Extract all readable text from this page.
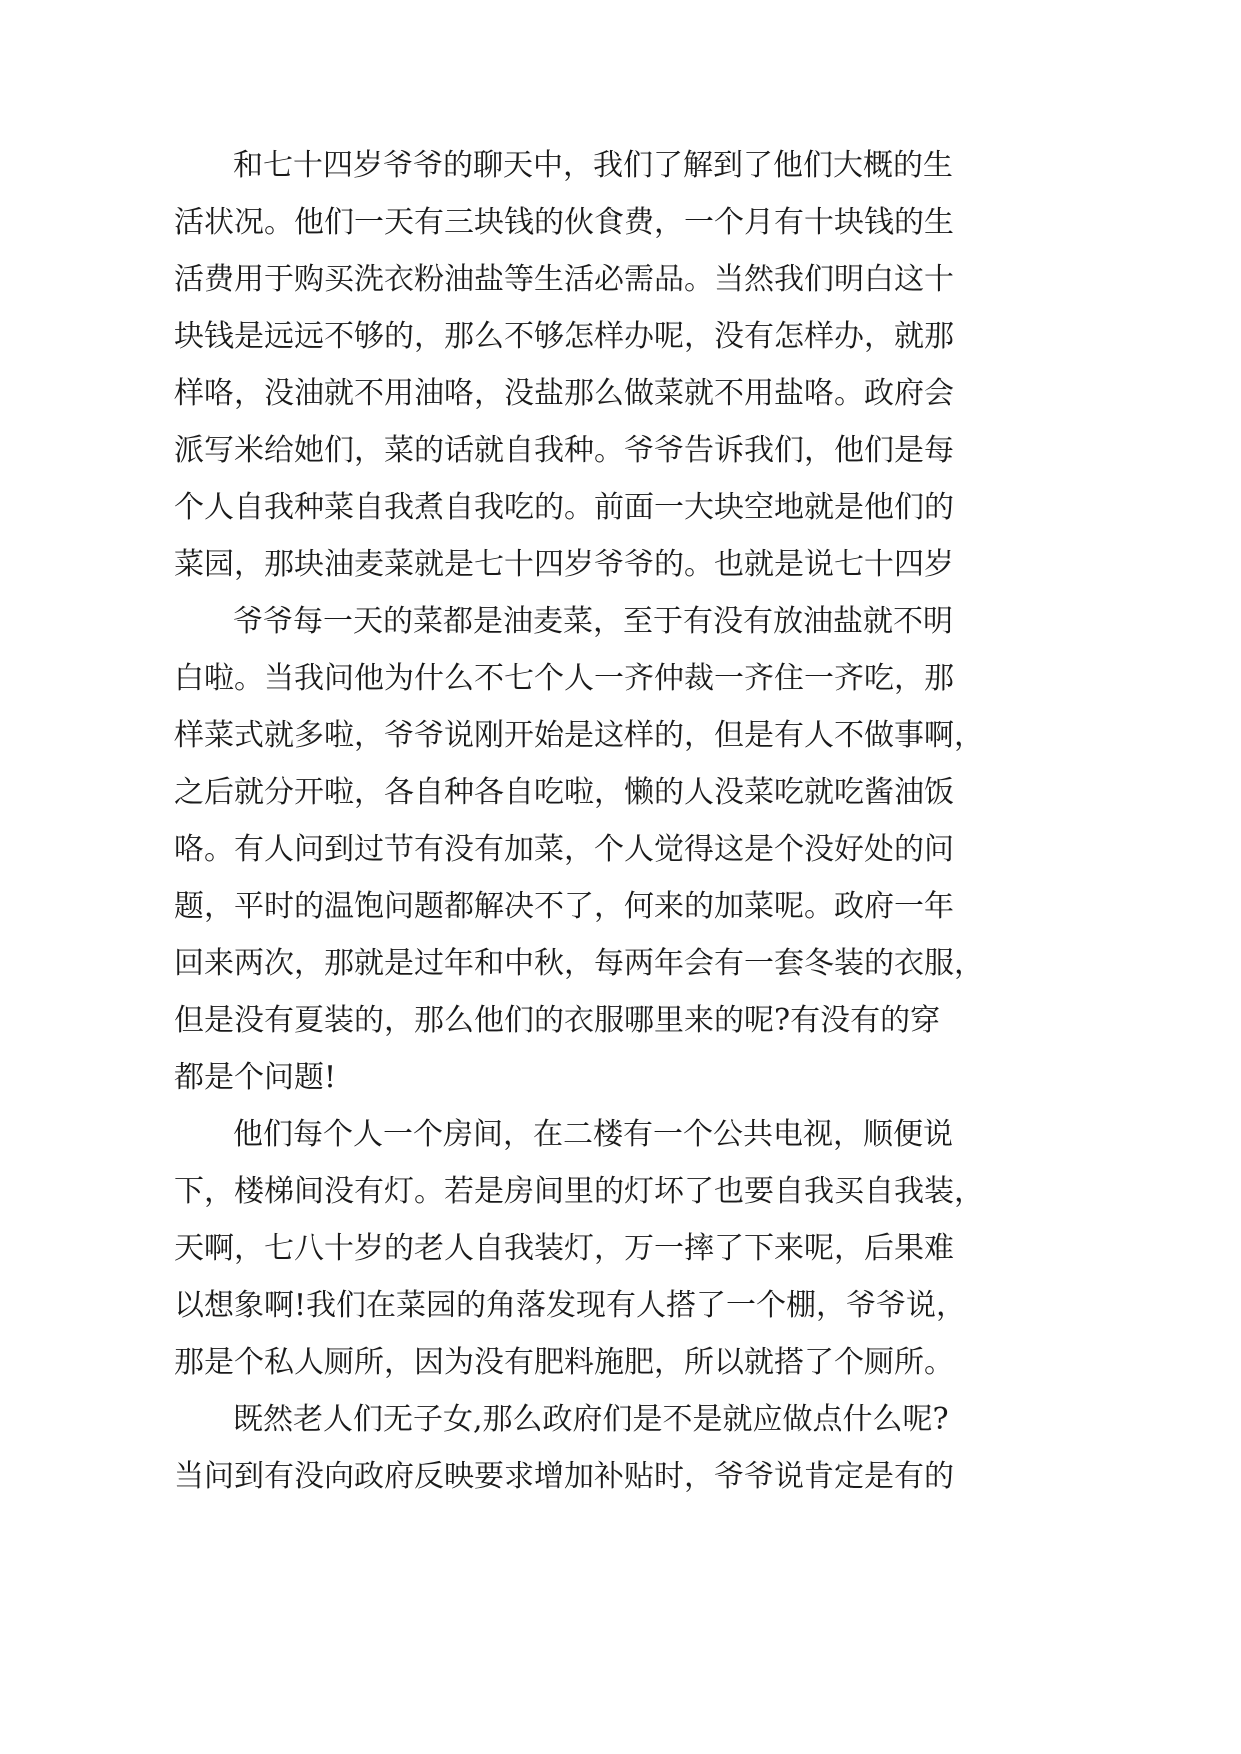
和七十四岁爷爷的聊天中，我们了解到了他们大概的生
活状况。他们一天有三块钱的伙食费，一个月有十块钱的生
活费用于购买洗衣粉油盐等生活必需品。当然我们明白这十
块钱是远远不够的，那么不够怎样办呢，没有怎样办，就那
样咯，没油就不用油咯，没盐那么做菜就不用盐咯。政府会
派写米给她们，菜的话就自我种。爷爷告诉我们，他们是每
个人自我种菜自我煮自我吃的。前面一大块空地就是他们的
菜园，那块油麦菜就是七十四岁爷爷的。也就是说七十四岁
爷爷每一天的菜都是油麦菜，至于有没有放油盐就不明
白啦。当我问他为什么不七个人一齐仲裁一齐住一齐吃，那
样菜式就多啦，爷爷说刚开始是这样的，但是有人不做事啊，
之后就分开啦，各自种各自吃啦，懒的人没菜吃就吃酱油饭
咯。有人问到过节有没有加菜，个人觉得这是个没好处的问
题，平时的温饱问题都解决不了，何来的加菜呢。政府一年
回来两次，那就是过年和中秋，每两年会有一套冬装的衣服，
但是没有夏装的，那么他们的衣服哪里来的呢?有没有的穿
都是个问题!
他们每个人一个房间，在二楼有一个公共电视，顺便说
下，楼梯间没有灯。若是房间里的灯坏了也要自我买自我装，
天啊，七八十岁的老人自我装灯，万一摔了下来呢，后果难
以想象啊!我们在菜园的角落发现有人搭了一个棚，爷爷说，
那是个私人厕所，因为没有肥料施肥，所以就搭了个厕所。
既然老人们无子女,那么政府们是不是就应做点什么呢?
当问到有没向政府反映要求增加补贴时，爷爷说肯定是有的
